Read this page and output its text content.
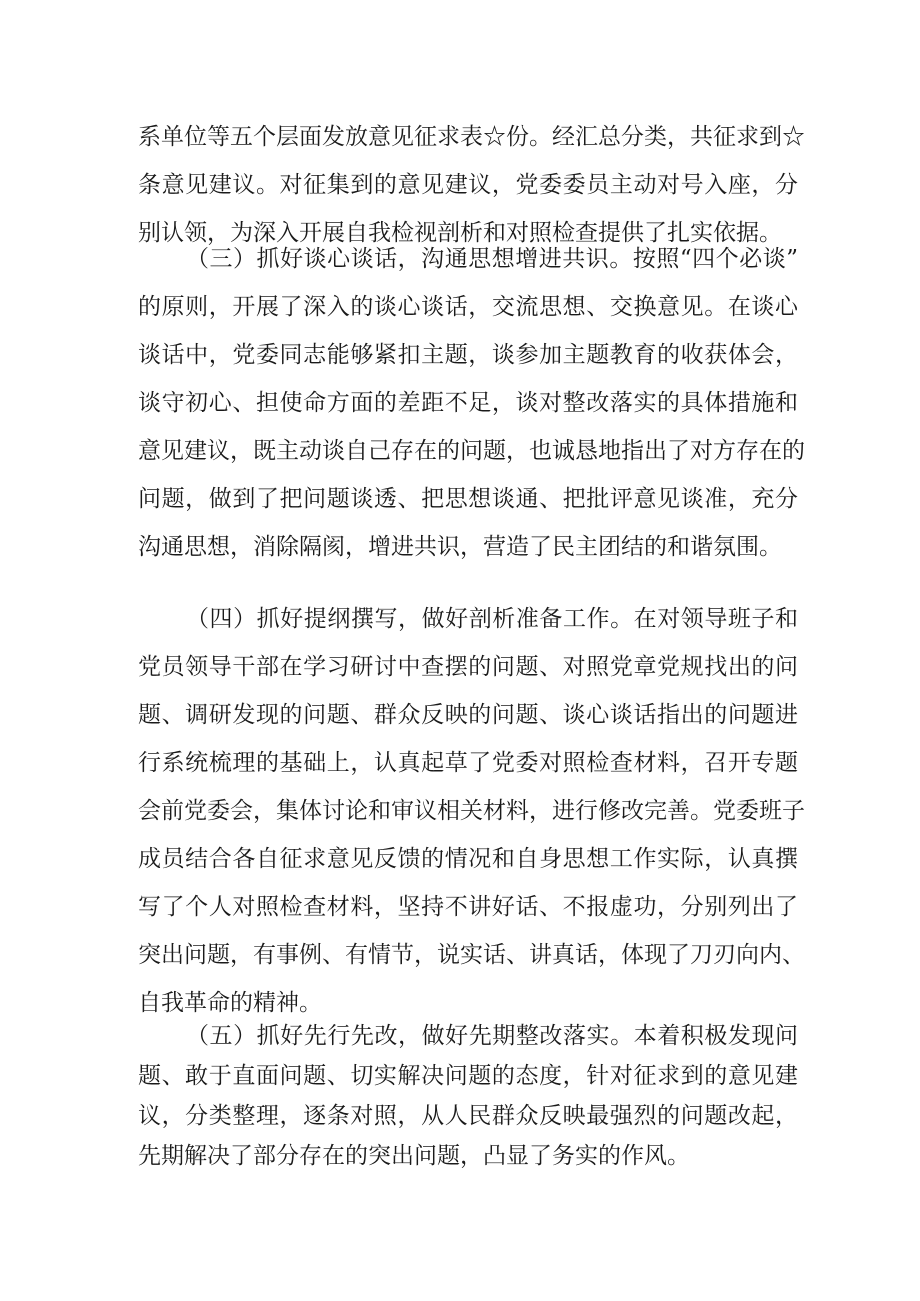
系单位等五个层面发放意见征求表☆份。经汇总分类，共征求到☆
条意见建议。对征集到的意见建议，党委委员主动对号入座，分
别认领，为深入开展自我检视剖析和对照检查提供了扎实依据。
（三）抓好谈心谈话，沟通思想增进共识。按照“四个必谈”
的原则，开展了深入的谈心谈话，交流思想、交换意见。在谈心
谈话中，党委同志能够紧扣主题，谈参加主题教育的收获体会，
谈守初心、担使命方面的差距不足，谈对整改落实的具体措施和
意见建议，既主动谈自己存在的问题，也诚恳地指出了对方存在的
问题，做到了把问题谈透、把思想谈通、把批评意见谈准，充分
沟通思想，消除隔阂，增进共识，营造了民主团结的和谐氛围。
（四）抓好提纲撰写，做好剖析准备工作。在对领导班子和
党员领导干部在学习研讨中查摆的问题、对照党章党规找出的问
题、调研发现的问题、群众反映的问题、谈心谈话指出的问题进
行系统梳理的基础上，认真起草了党委对照检查材料，召开专题
会前党委会，集体讨论和审议相关材料，进行修改完善。党委班子
成员结合各自征求意见反馈的情况和自身思想工作实际，认真撰
写了个人对照检查材料，坚持不讲好话、不报虚功，分别列出了
突出问题，有事例、有情节，说实话、讲真话，体现了刀刃向内、
自我革命的精神。
（五）抓好先行先改，做好先期整改落实。本着积极发现问
题、敢于直面问题、切实解决问题的态度，针对征求到的意见建
议，分类整理，逐条对照，从人民群众反映最强烈的问题改起，
先期解决了部分存在的突出问题，凸显了务实的作风。
